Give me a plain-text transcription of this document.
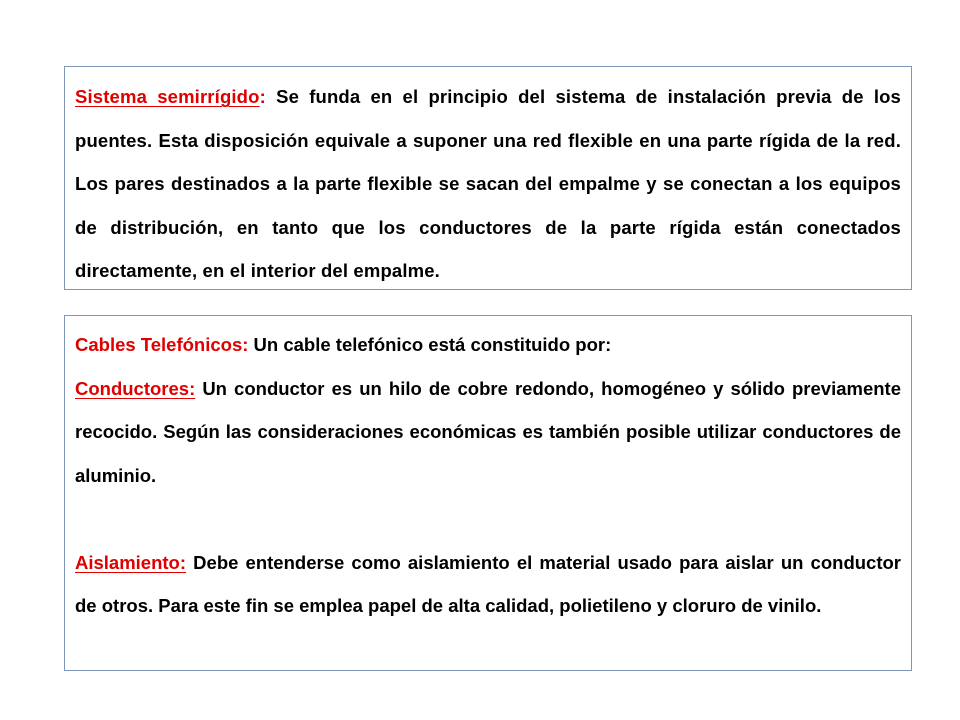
Sistema semirrígido: Se funda en el principio del sistema de instalación previa de los puentes. Esta disposición equivale a suponer una red flexible en una parte rígida de la red. Los pares destinados a la parte flexible se sacan del empalme y se conectan a los equipos de distribución, en tanto que los conductores de la parte rígida están conectados directamente, en el interior del empalme.

Cables Telefónicos: Un cable telefónico está constituido por:

Conductores: Un conductor es un hilo de cobre redondo, homogéneo y sólido previamente recocido. Según las consideraciones económicas es también posible utilizar conductores de aluminio.

Aislamiento: Debe entenderse como aislamiento el material usado para aislar un conductor de otros. Para este fin se emplea papel de alta calidad, polietileno y cloruro de vinilo.
